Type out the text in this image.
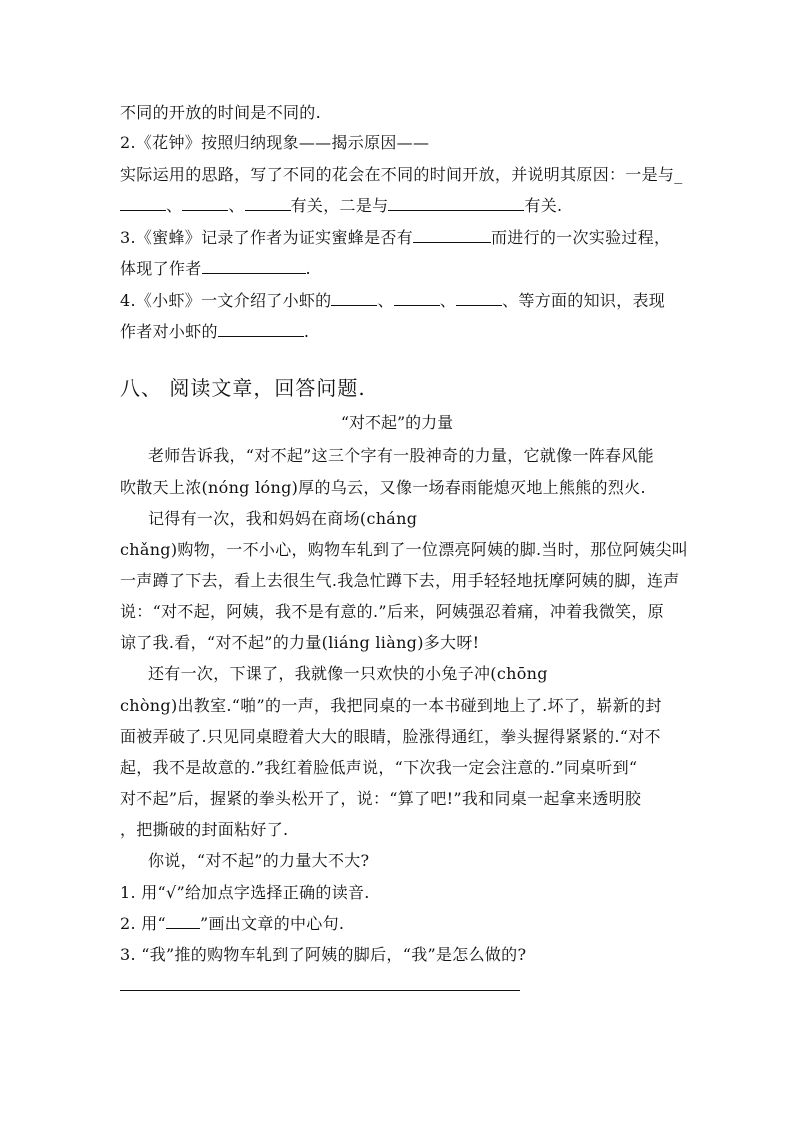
不同的开放的时间是不同的.
2.《花钟》按照归纳现象——揭示原因——
实际运用的思路，写了不同的花会在不同的时间开放，并说明其原因：一是与_
、	、	有关，二是与	有关.
3.《蜜蜂》记录了作者为证实蜜蜂是否有	而进行的一次实验过程，
体现了作者	.
4.《小虾》一文介绍了小虾的	、	、	、等方面的知识，表现
作者对小虾的	.
八、 阅读文章，回答问题.
“对不起”的力量
老师告诉我，“对不起”这三个字有一股神奇的力量，它就像一阵春风能
吹散天上浓(nóng lóng)厚的乌云，又像一场春雨能熄灭地上熊熊的烈火.
记得有一次，我和妈妈在商场(cháng
chǎng)购物，一不小心，购物车轧到了一位漂亮阿姨的脚.当时，那位阿姨尖叫
一声蹲了下去，看上去很生气.我急忙蹲下去，用手轻轻地抚摩阿姨的脚，连声
说：“对不起，阿姨，我不是有意的.”后来，阿姨强忍着痛，冲着我微笑，原
谅了我.看，“对不起”的力量(liáng liàng)多大呀!
还有一次，下课了，我就像一只欢快的小兔子冲(chōng
chòng)出教室.“啪”的一声，我把同桌的一本书碰到地上了.坏了，崭新的封
面被弄破了.只见同桌瞪着大大的眼睛，脸涨得通红，拳头握得紧紧的.“对不
起，我不是故意的.”我红着脸低声说，“下次我一定会注意的.”同桌听到“
对不起”后，握紧的拳头松开了，说：“算了吧!”我和同桌一起拿来透明胶
，把撕破的封面粘好了.
你说，“对不起”的力量大不大?
1. 用“√”给加点字选择正确的读音.
2. 用“ ”画出文章的中心句.
3. “我”推的购物车轧到了阿姨的脚后，“我”是怎么做的?
